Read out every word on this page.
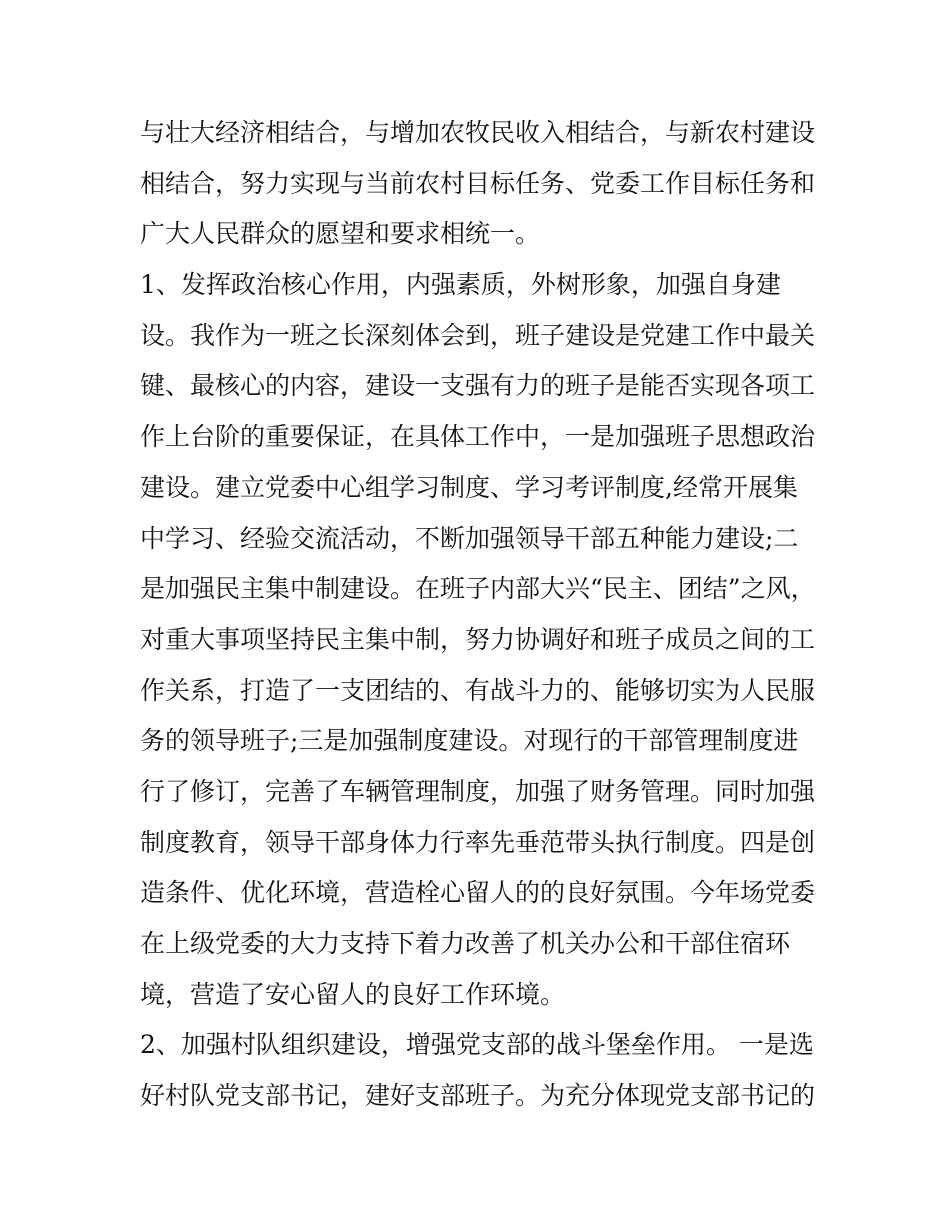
与壮大经济相结合，与增加农牧民收入相结合，与新农村建设
相结合，努力实现与当前农村目标任务、党委工作目标任务和
广大人民群众的愿望和要求相统一。
1、发挥政治核心作用，内强素质，外树形象，加强自身建
设。我作为一班之长深刻体会到，班子建设是党建工作中最关
键、最核心的内容，建设一支强有力的班子是能否实现各项工
作上台阶的重要保证，在具体工作中，一是加强班子思想政治
建设。建立党委中心组学习制度、学习考评制度,经常开展集
中学习、经验交流活动，不断加强领导干部五种能力建设;二
是加强民主集中制建设。在班子内部大兴“民主、团结”之风，
对重大事项坚持民主集中制，努力协调好和班子成员之间的工
作关系，打造了一支团结的、有战斗力的、能够切实为人民服
务的领导班子;三是加强制度建设。对现行的干部管理制度进
行了修订，完善了车辆管理制度，加强了财务管理。同时加强
制度教育，领导干部身体力行率先垂范带头执行制度。四是创
造条件、优化环境，营造栓心留人的的良好氛围。今年场党委
在上级党委的大力支持下着力改善了机关办公和干部住宿环
境，营造了安心留人的良好工作环境。
2、加强村队组织建设，增强党支部的战斗堡垒作用。 一是选
好村队党支部书记，建好支部班子。为充分体现党支部书记的
